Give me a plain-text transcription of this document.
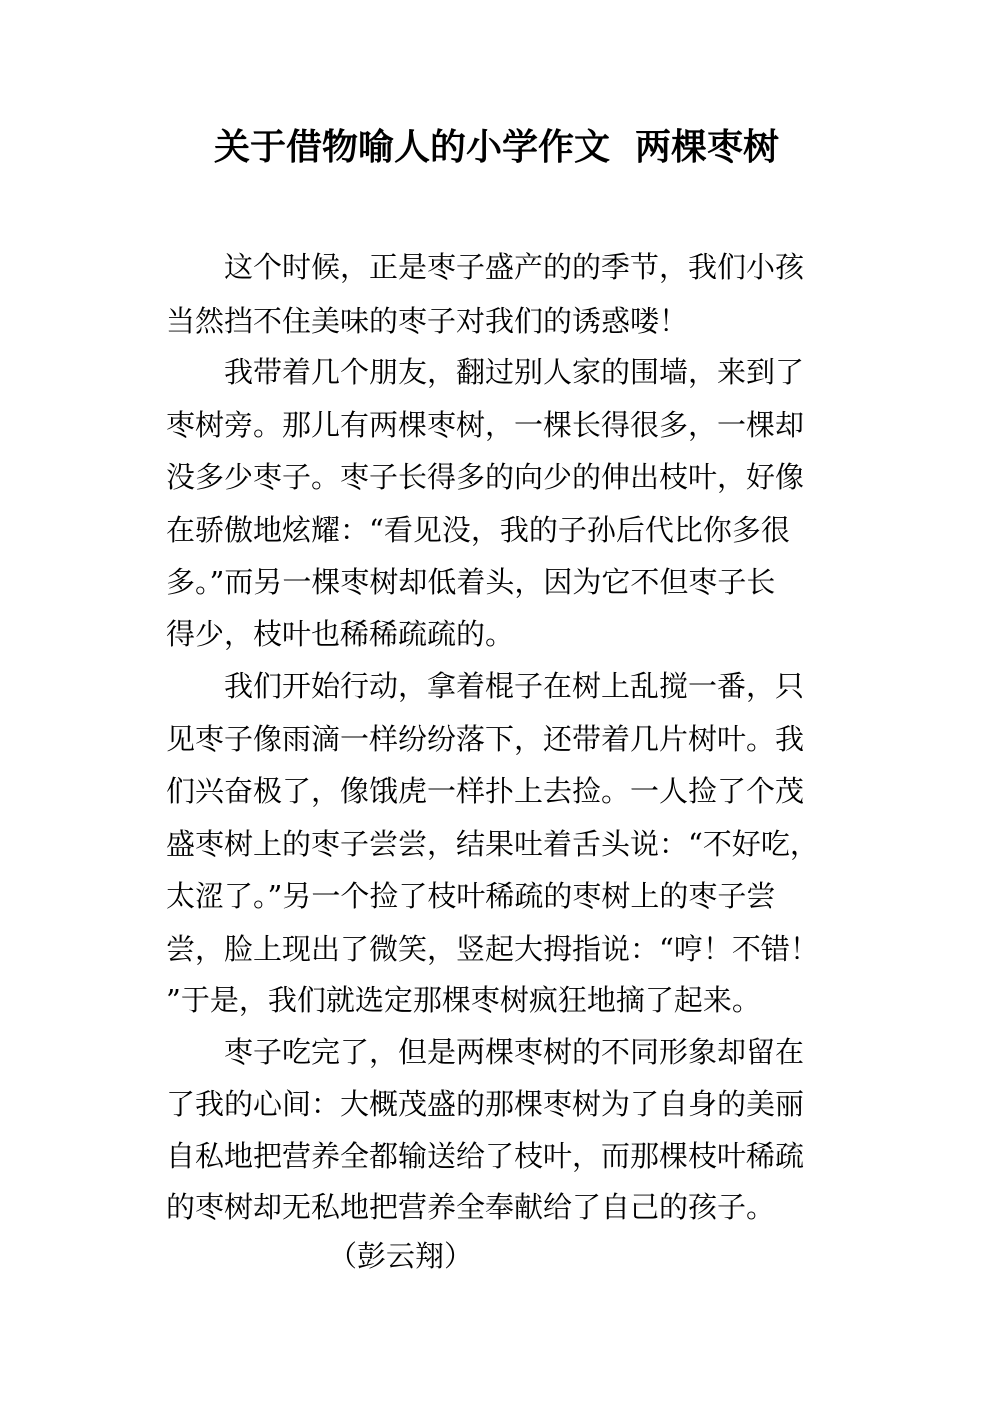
关于借物喻人的小学作文  两棵枣树
　　这个时候，正是枣子盛产的的季节，我们小孩
当然挡不住美味的枣子对我们的诱惑喽！
　　我带着几个朋友，翻过别人家的围墙，来到了
枣树旁。那儿有两棵枣树，一棵长得很多，一棵却
没多少枣子。枣子长得多的向少的伸出枝叶，好像
在骄傲地炫耀：“看见没，我的子孙后代比你多很
多。”而另一棵枣树却低着头，因为它不但枣子长
得少，枝叶也稀稀疏疏的。
　　我们开始行动，拿着棍子在树上乱搅一番，只
见枣子像雨滴一样纷纷落下，还带着几片树叶。我
们兴奋极了，像饿虎一样扑上去捡。一人捡了个茂
盛枣树上的枣子尝尝，结果吐着舌头说：“不好吃，
太涩了。”另一个捡了枝叶稀疏的枣树上的枣子尝
尝，脸上现出了微笑，竖起大拇指说：“哼！不错！
”于是，我们就选定那棵枣树疯狂地摘了起来。
　　枣子吃完了，但是两棵枣树的不同形象却留在
了我的心间：大概茂盛的那棵枣树为了自身的美丽
自私地把营养全都输送给了枝叶，而那棵枝叶稀疏
的枣树却无私地把营养全奉献给了自己的孩子。
（彭云翔）
